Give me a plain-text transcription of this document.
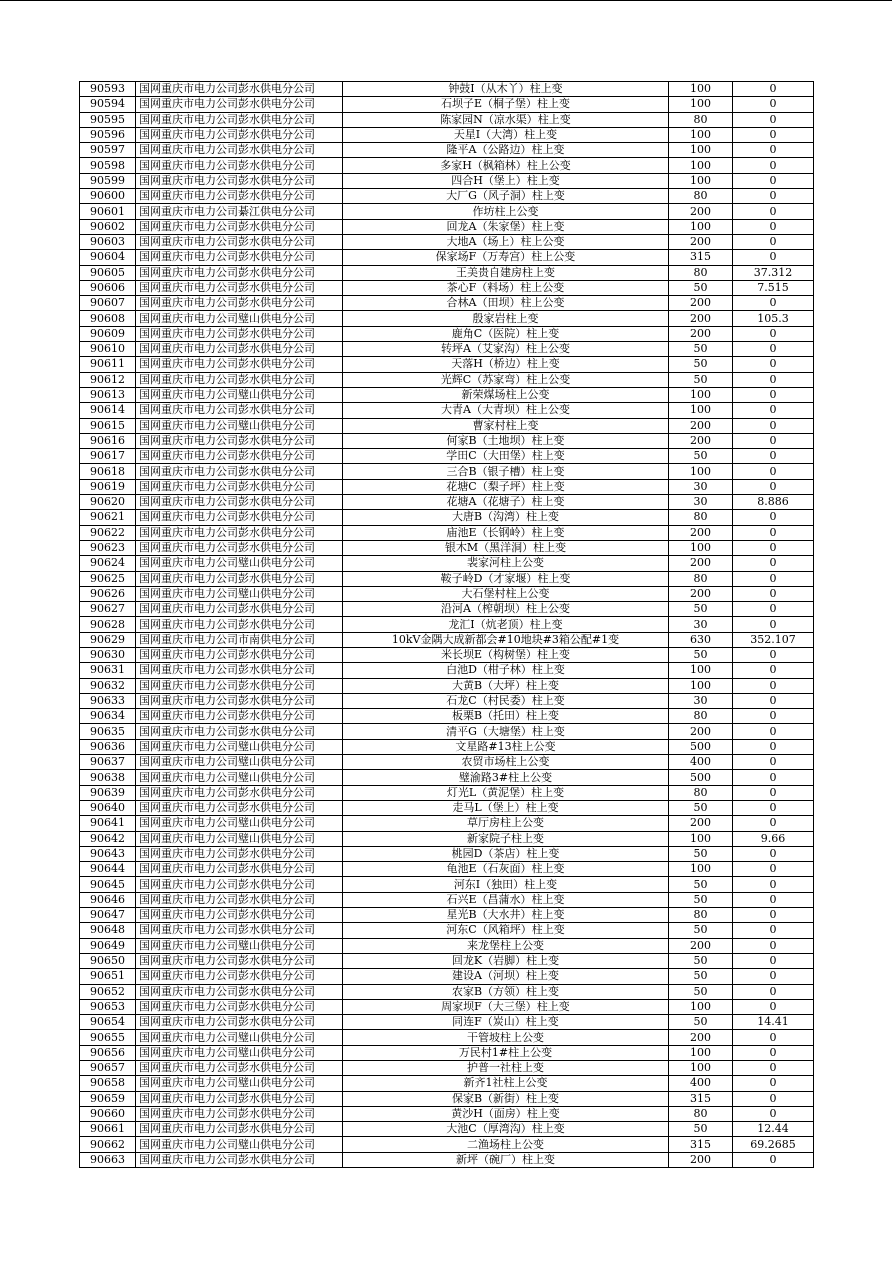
90593	国网重庆市电力公司彭水供电分公司	钟鼓I（从木丫）柱上变	100	0
90594	国网重庆市电力公司彭水供电分公司	石坝子E（桐子堡）柱上变	100	0
90595	国网重庆市电力公司彭水供电分公司	陈家园N（凉水渠）柱上变	80	0
90596	国网重庆市电力公司彭水供电分公司	天星I（大湾）柱上变	100	0
90597	国网重庆市电力公司彭水供电分公司	隆平A（公路边）柱上变	100	0
90598	国网重庆市电力公司彭水供电分公司	多家H（枫箱林）柱上公变	100	0
90599	国网重庆市电力公司彭水供电分公司	四合H（堡上）柱上变	100	0
90600	国网重庆市电力公司彭水供电分公司	大厂G（风子洞）柱上变	80	0
90601	国网重庆市电力公司綦江供电分公司	作坊柱上公变	200	0
90602	国网重庆市电力公司彭水供电分公司	回龙A（朱家堡）柱上变	100	0
90603	国网重庆市电力公司彭水供电分公司	大地A（场上）柱上公变	200	0
90604	国网重庆市电力公司彭水供电分公司	保家场F（万寿宫）柱上公变	315	0
90605	国网重庆市电力公司彭水供电分公司	王美贵自建房柱上变	80	37.312
90606	国网重庆市电力公司彭水供电分公司	茶心F（料场）柱上公变	50	7.515
90607	国网重庆市电力公司彭水供电分公司	合林A（田坝）柱上公变	200	0
90608	国网重庆市电力公司璧山供电分公司	殷家岩柱上变	200	105.3
90609	国网重庆市电力公司彭水供电分公司	鹿角C（医院）柱上变	200	0
90610	国网重庆市电力公司彭水供电分公司	转坪A（艾家沟）柱上公变	50	0
90611	国网重庆市电力公司彭水供电分公司	天落H（桥边）柱上变	50	0
90612	国网重庆市电力公司彭水供电分公司	光辉C（苏家弯）柱上公变	50	0
90613	国网重庆市电力公司璧山供电分公司	新荣煤场柱上公变	100	0
90614	国网重庆市电力公司彭水供电分公司	大青A（大青坝）柱上公变	100	0
90615	国网重庆市电力公司璧山供电分公司	曹家村柱上变	200	0
90616	国网重庆市电力公司彭水供电分公司	何家B（土地坝）柱上变	200	0
90617	国网重庆市电力公司彭水供电分公司	学田C（大田堡）柱上变	50	0
90618	国网重庆市电力公司彭水供电分公司	三合B（银子槽）柱上变	100	0
90619	国网重庆市电力公司彭水供电分公司	花塘C（梨子坪）柱上变	30	0
90620	国网重庆市电力公司彭水供电分公司	花塘A（花塘子）柱上变	30	8.886
90621	国网重庆市电力公司彭水供电分公司	大唐B（沟湾）柱上变	80	0
90622	国网重庆市电力公司彭水供电分公司	庙池E（长钢岭）柱上变	200	0
90623	国网重庆市电力公司彭水供电分公司	银木M（黑洋洞）柱上变	100	0
90624	国网重庆市电力公司璧山供电分公司	裴家河柱上公变	200	0
90625	国网重庆市电力公司彭水供电分公司	鞍子岭D（才家堰）柱上变	80	0
90626	国网重庆市电力公司璧山供电分公司	大石堡村柱上公变	200	0
90627	国网重庆市电力公司彭水供电分公司	沿河A（榨朝坝）柱上公变	50	0
90628	国网重庆市电力公司彭水供电分公司	龙汇I（炕老顶）柱上变	30	0
90629	国网重庆市电力公司市南供电分公司	10kV金隅大成新都会#10地块#3箱公配#1变	630	352.107
90630	国网重庆市电力公司彭水供电分公司	米长坝E（构树堡）柱上变	50	0
90631	国网重庆市电力公司彭水供电分公司	白池D（柑子林）柱上变	100	0
90632	国网重庆市电力公司彭水供电分公司	大黄B（大坪）柱上变	100	0
90633	国网重庆市电力公司彭水供电分公司	石龙C（村民委）柱上变	30	0
90634	国网重庆市电力公司彭水供电分公司	板栗B（托田）柱上变	80	0
90635	国网重庆市电力公司彭水供电分公司	清平G（大塘堡）柱上变	200	0
90636	国网重庆市电力公司璧山供电分公司	文星路#13柱上公变	500	0
90637	国网重庆市电力公司璧山供电分公司	农贸市场柱上公变	400	0
90638	国网重庆市电力公司璧山供电分公司	璧渝路3#柱上公变	500	0
90639	国网重庆市电力公司彭水供电分公司	灯光L（黄泥堡）柱上变	80	0
90640	国网重庆市电力公司彭水供电分公司	走马L（堡上）柱上变	50	0
90641	国网重庆市电力公司璧山供电分公司	草厅房柱上公变	200	0
90642	国网重庆市电力公司璧山供电分公司	新家院子柱上变	100	9.66
90643	国网重庆市电力公司彭水供电分公司	桃园D（茶店）柱上变	50	0
90644	国网重庆市电力公司彭水供电分公司	龟池E（石灰面）柱上变	100	0
90645	国网重庆市电力公司彭水供电分公司	河东I（独田）柱上变	50	0
90646	国网重庆市电力公司彭水供电分公司	石兴E（昌蒲水）柱上变	50	0
90647	国网重庆市电力公司彭水供电分公司	星光B（大水井）柱上变	80	0
90648	国网重庆市电力公司彭水供电分公司	河东C（风箱坪）柱上变	50	0
90649	国网重庆市电力公司璧山供电分公司	来龙堡柱上公变	200	0
90650	国网重庆市电力公司彭水供电分公司	回龙K（岩脚）柱上变	50	0
90651	国网重庆市电力公司彭水供电分公司	建设A（河坝）柱上变	50	0
90652	国网重庆市电力公司彭水供电分公司	农家B（方领）柱上变	50	0
90653	国网重庆市电力公司彭水供电分公司	周家坝F（大三堡）柱上变	100	0
90654	国网重庆市电力公司彭水供电分公司	同连F（炭山）柱上变	50	14.41
90655	国网重庆市电力公司璧山供电分公司	干管坡柱上公变	200	0
90656	国网重庆市电力公司璧山供电分公司	万民村1#柱上公变	100	0
90657	国网重庆市电力公司彭水供电分公司	护普一社柱上变	100	0
90658	国网重庆市电力公司璧山供电分公司	新齐1社柱上公变	400	0
90659	国网重庆市电力公司彭水供电分公司	保家B（新街）柱上变	315	0
90660	国网重庆市电力公司彭水供电分公司	黄沙H（面房）柱上变	80	0
90661	国网重庆市电力公司彭水供电分公司	大池C（厚湾沟）柱上变	50	12.44
90662	国网重庆市电力公司璧山供电分公司	二渔场柱上公变	315	69.2685
90663	国网重庆市电力公司彭水供电分公司	新坪（碗厂）柱上变	200	0
